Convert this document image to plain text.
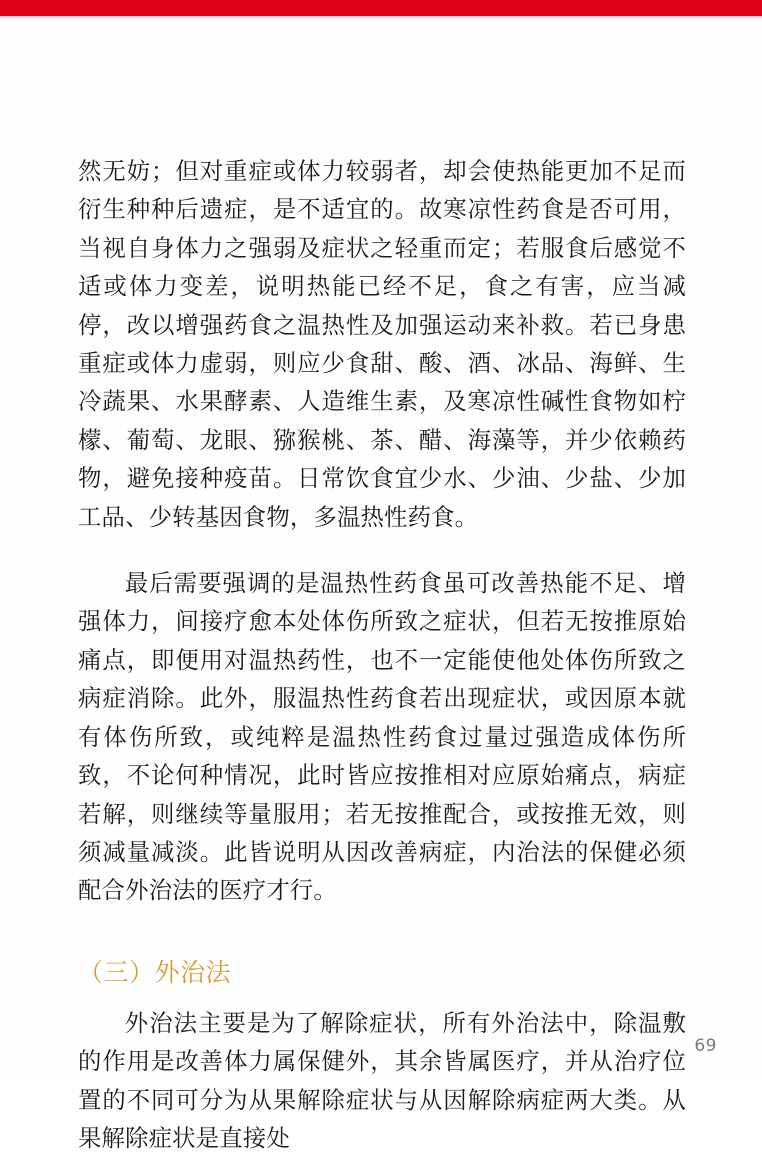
然无妨；但对重症或体力较弱者，却会使热能更加不足而衍生种种后遗症，是不适宜的。故寒凉性药食是否可用，当视自身体力之强弱及症状之轻重而定；若服食后感觉不适或体力变差，说明热能已经不足，食之有害，应当减停，改以增强药食之温热性及加强运动来补救。若已身患重症或体力虚弱，则应少食甜、酸、酒、冰品、海鲜、生冷蔬果、水果酵素、人造维生素，及寒凉性碱性食物如柠檬、葡萄、龙眼、猕猴桃、茶、醋、海藻等，并少依赖药物，避免接种疫苗。日常饮食宜少水、少油、少盐、少加工品、少转基因食物，多温热性药食。

最后需要强调的是温热性药食虽可改善热能不足、增强体力，间接疗愈本处体伤所致之症状，但若无按推原始痛点，即便用对温热药性，也不一定能使他处体伤所致之病症消除。此外，服温热性药食若出现症状，或因原本就有体伤所致，或纯粹是温热性药食过量过强造成体伤所致，不论何种情况，此时皆应按推相对应原始痛点，病症若解，则继续等量服用；若无按推配合，或按推无效，则须减量减淡。此皆说明从因改善病症，内治法的保健必须配合外治法的医疗才行。

（三）外治法

外治法主要是为了解除症状，所有外治法中，除温敷的作用是改善体力属保健外，其余皆属医疗，并从治疗位置的不同可分为从果解除症状与从因解除病症两大类。从果解除症状是直接处

69
